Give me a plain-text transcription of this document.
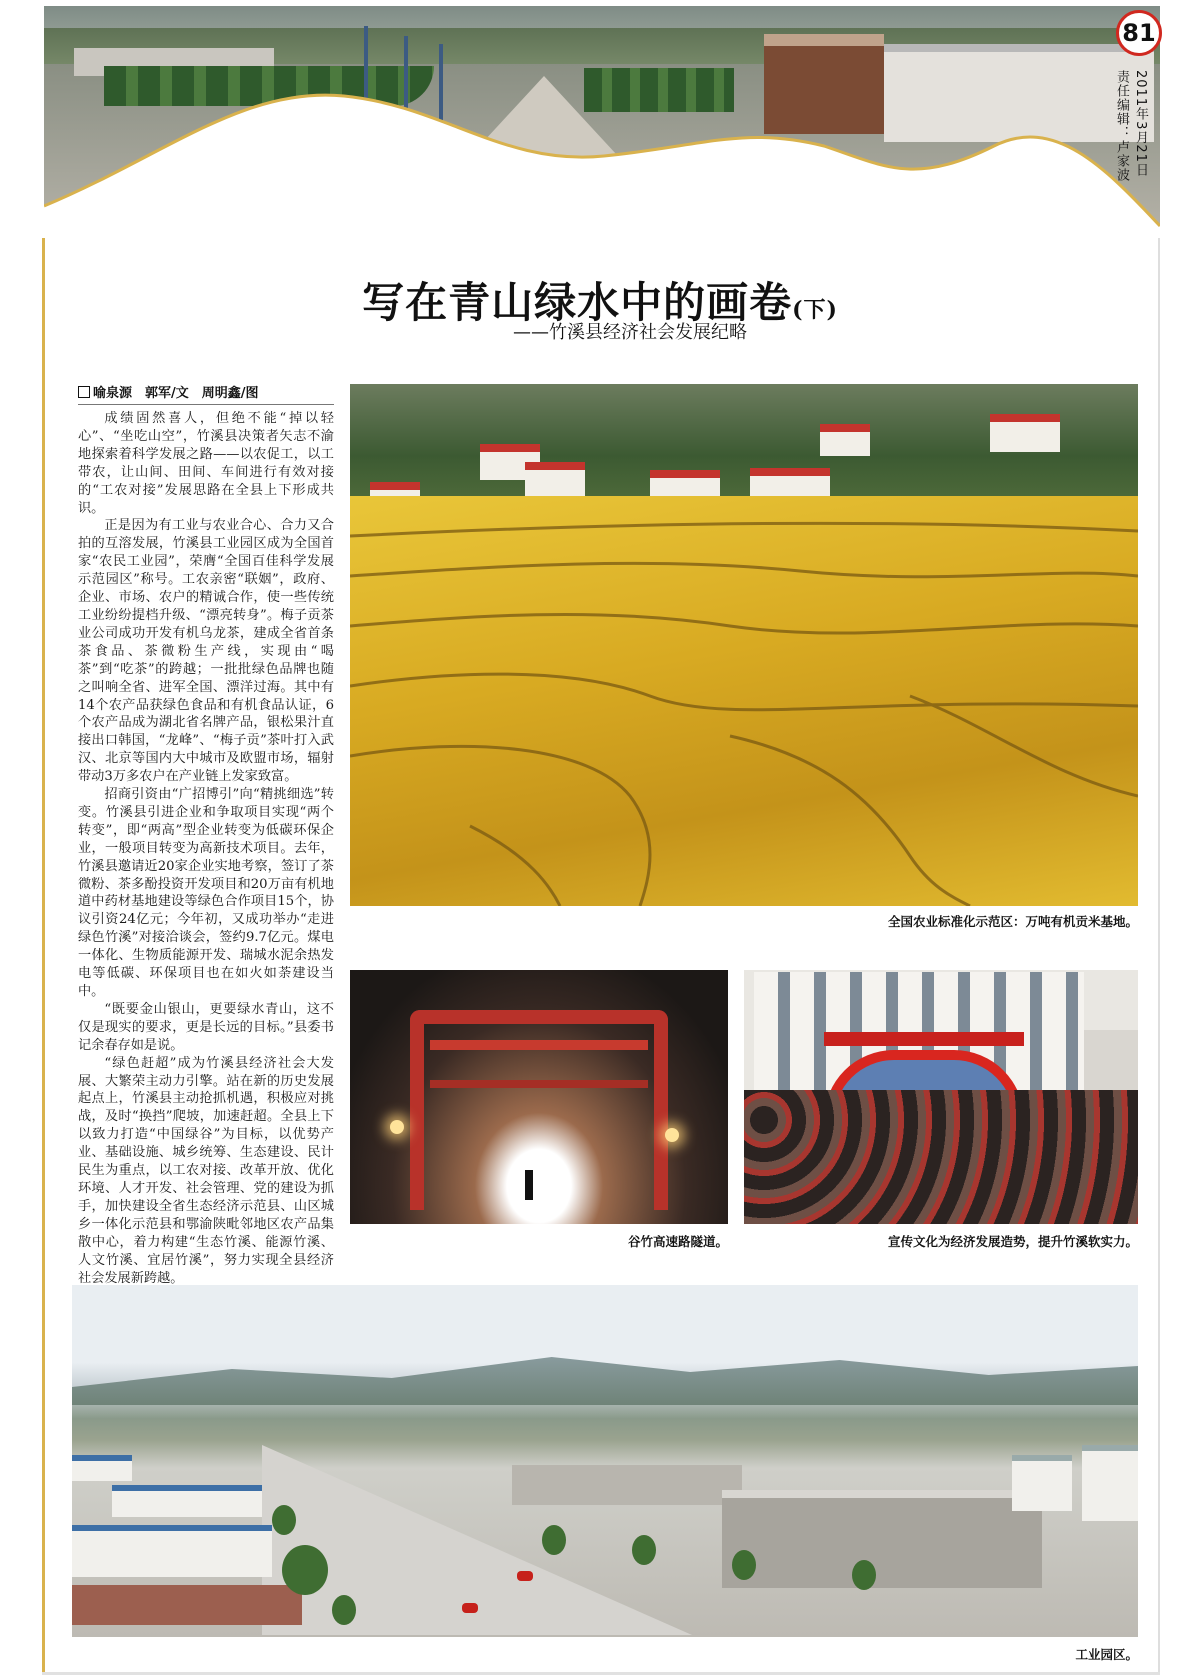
81
2011年3月21日
责任编辑：卢家波
写在青山绿水中的画卷(下)
——竹溪县经济社会发展纪略
喻泉源　郭军/文　周明鑫/图

成绩固然喜人，但绝不能“掉以轻心”、“坐吃山空”，竹溪县决策者矢志不渝地探索着科学发展之路——以农促工，以工带农，让山间、田间、车间进行有效对接的“工农对接”发展思路在全县上下形成共识。

正是因为有工业与农业合心、合力又合拍的互溶发展，竹溪县工业园区成为全国首家“农民工业园”，荣膺“全国百佳科学发展示范园区”称号。工农亲密“联姻”，政府、企业、市场、农户的精诚合作，使一些传统工业纷纷提档升级、“漂亮转身”。梅子贡茶业公司成功开发有机乌龙茶，建成全省首条茶食品、茶微粉生产线，实现由“喝茶”到“吃茶”的跨越；一批批绿色品牌也随之叫响全省、进军全国、漂洋过海。其中有14个农产品获绿色食品和有机食品认证，6个农产品成为湖北省名牌产品，银松果汁直接出口韩国，“龙峰”、“梅子贡”茶叶打入武汉、北京等国内大中城市及欧盟市场，辐射带动3万多农户在产业链上发家致富。

招商引资由“广招博引”向“精挑细选”转变。竹溪县引进企业和争取项目实现“两个转变”，即“两高”型企业转变为低碳环保企业，一般项目转变为高新技术项目。去年，竹溪县邀请近20家企业实地考察，签订了茶微粉、茶多酚投资开发项目和20万亩有机地道中药材基地建设等绿色合作项目15个，协议引资24亿元；今年初，又成功举办“走进绿色竹溪”对接洽谈会，签约9.7亿元。煤电一体化、生物质能源开发、瑞城水泥余热发电等低碳、环保项目也在如火如荼建设当中。

“既要金山银山，更要绿水青山，这不仅是现实的要求，更是长远的目标。”县委书记余春存如是说。

“绿色赶超”成为竹溪县经济社会大发展、大繁荣主动力引擎。站在新的历史发展起点上，竹溪县主动抢抓机遇，积极应对挑战，及时“换挡”爬坡，加速赶超。全县上下以致力打造“中国绿谷”为目标，以优势产业、基础设施、城乡统筹、生态建设、民计民生为重点，以工农对接、改革开放、优化环境、人才开发、社会管理、党的建设为抓手，加快建设全省生态经济示范县、山区城乡一体化示范县和鄂渝陕毗邻地区农产品集散中心，着力构建“生态竹溪、能源竹溪、人文竹溪、宜居竹溪”，努力实现全县经济社会发展新跨越。

全国农业标准化示范区：万吨有机贡米基地。
谷竹高速路隧道。	宣传文化为经济发展造势，提升竹溪软实力。
工业园区。
